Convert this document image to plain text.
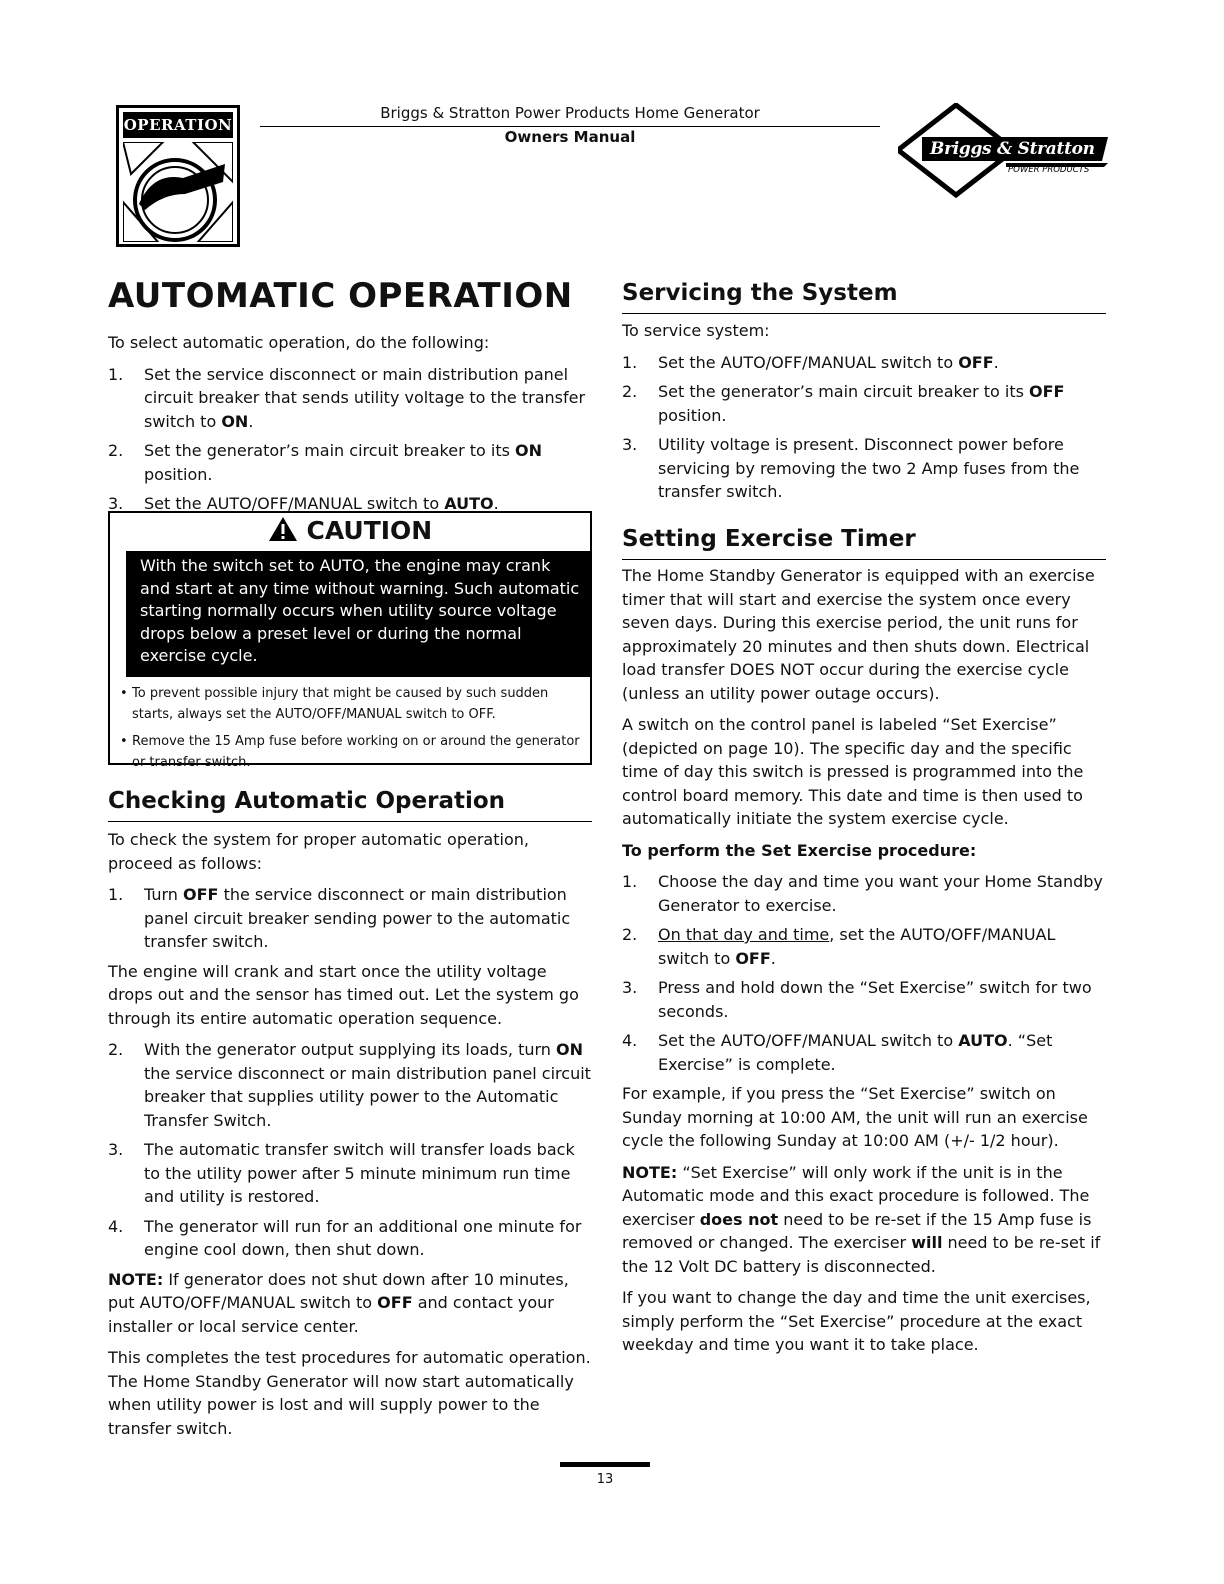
OPERATION
Briggs & Stratton Power Products Home Generator
Owners Manual
Briggs & Stratton
POWER PRODUCTS
AUTOMATIC OPERATION

To select automatic operation, do the following:

1. Set the service disconnect or main distribution panel circuit breaker that sends utility voltage to the transfer switch to ON.
2. Set the generator’s main circuit breaker to its ON position.
3. Set the AUTO/OFF/MANUAL switch to AUTO.
CAUTION
With the switch set to AUTO, the engine may crank and start at any time without warning. Such automatic starting normally occurs when utility source voltage drops below a preset level or during the normal exercise cycle.
• To prevent possible injury that might be caused by such sudden starts, always set the AUTO/OFF/MANUAL switch to OFF.
• Remove the 15 Amp fuse before working on or around the generator or transfer switch.
Checking Automatic Operation

To check the system for proper automatic operation, proceed as follows:

1. Turn OFF the service disconnect or main distribution panel circuit breaker sending power to the automatic transfer switch.

The engine will crank and start once the utility voltage drops out and the sensor has timed out. Let the system go through its entire automatic operation sequence.

2. With the generator output supplying its loads, turn ON the service disconnect or main distribution panel circuit breaker that supplies utility power to the Automatic Transfer Switch.
3. The automatic transfer switch will transfer loads back to the utility power after 5 minute minimum run time and utility is restored.
4. The generator will run for an additional one minute for engine cool down, then shut down.

NOTE: If generator does not shut down after 10 minutes, put AUTO/OFF/MANUAL switch to OFF and contact your installer or local service center.

This completes the test procedures for automatic operation. The Home Standby Generator will now start automatically when utility power is lost and will supply power to the transfer switch.

Servicing the System

To service system:

1. Set the AUTO/OFF/MANUAL switch to OFF.
2. Set the generator’s main circuit breaker to its OFF position.
3. Utility voltage is present. Disconnect power before servicing by removing the two 2 Amp fuses from the transfer switch.
Setting Exercise Timer

The Home Standby Generator is equipped with an exercise timer that will start and exercise the system once every seven days. During this exercise period, the unit runs for approximately 20 minutes and then shuts down. Electrical load transfer DOES NOT occur during the exercise cycle (unless an utility power outage occurs).

A switch on the control panel is labeled “Set Exercise” (depicted on page 10). The specific day and the specific time of day this switch is pressed is programmed into the control board memory. This date and time is then used to automatically initiate the system exercise cycle.

To perform the Set Exercise procedure:

1. Choose the day and time you want your Home Standby Generator to exercise.
2. On that day and time, set the AUTO/OFF/MANUAL switch to OFF.
3. Press and hold down the “Set Exercise” switch for two seconds.
4. Set the AUTO/OFF/MANUAL switch to AUTO. “Set Exercise” is complete.

For example, if you press the “Set Exercise” switch on Sunday morning at 10:00 AM, the unit will run an exercise cycle the following Sunday at 10:00 AM (+/- 1/2 hour).

NOTE: “Set Exercise” will only work if the unit is in the Automatic mode and this exact procedure is followed. The exerciser does not need to be re-set if the 15 Amp fuse is removed or changed. The exerciser will need to be re-set if the 12 Volt DC battery is disconnected.

If you want to change the day and time the unit exercises, simply perform the “Set Exercise” procedure at the exact weekday and time you want it to take place.

13
